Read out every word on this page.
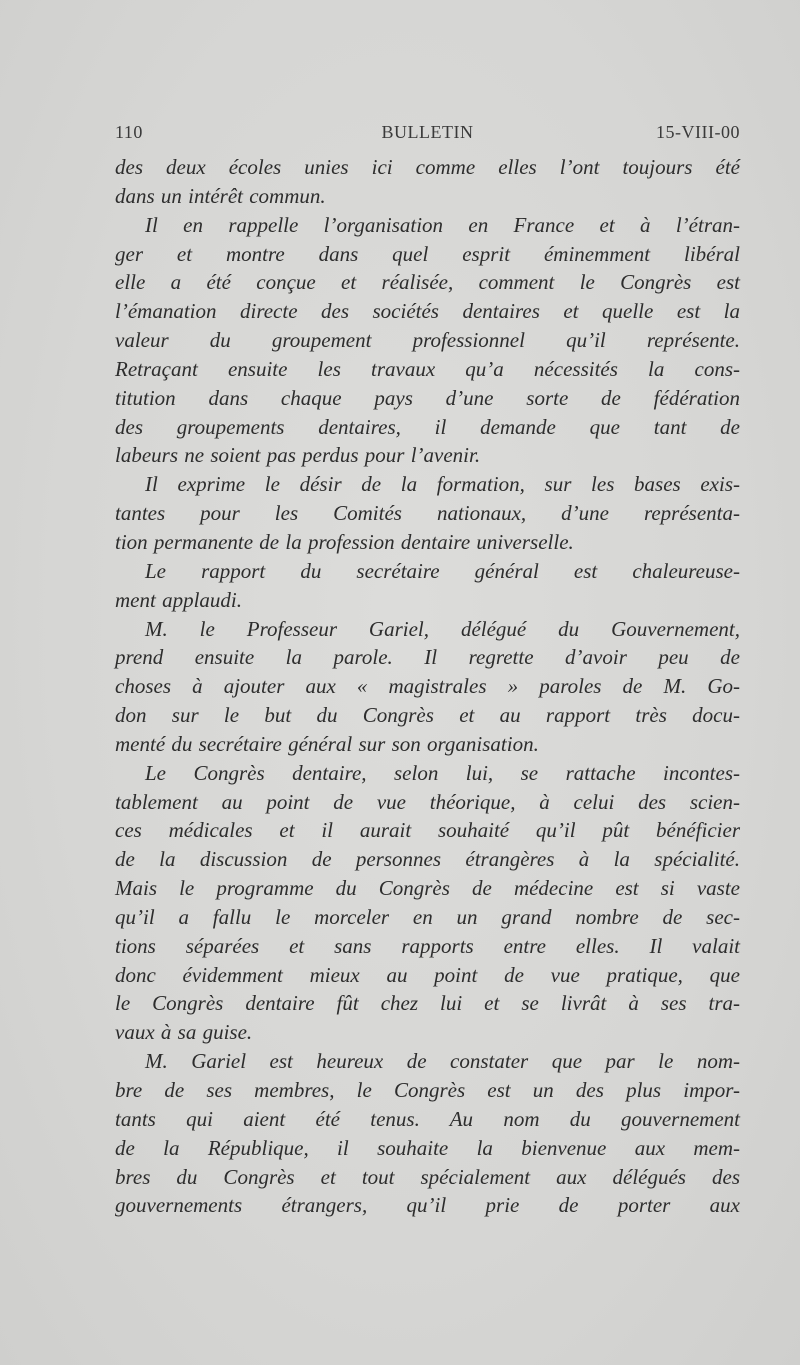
110	BULLETIN	15-VIII-00
des deux écoles unies ici comme elles l’ont toujours été
dans un intérêt commun.
Il en rappelle l’organisation en France et à l’étran-
ger et montre dans quel esprit éminemment libéral
elle a été conçue et réalisée, comment le Congrès est
l’émanation directe des sociétés dentaires et quelle est la
valeur du groupement professionnel qu’il représente.
Retraçant ensuite les travaux qu’a nécessités la cons-
titution dans chaque pays d’une sorte de fédération
des groupements dentaires, il demande que tant de
labeurs ne soient pas perdus pour l’avenir.
Il exprime le désir de la formation, sur les bases exis-
tantes pour les Comités nationaux, d’une représenta-
tion permanente de la profession dentaire universelle.
Le rapport du secrétaire général est chaleureuse-
ment applaudi.
M. le Professeur Gariel, délégué du Gouvernement,
prend ensuite la parole. Il regrette d’avoir peu de
choses à ajouter aux « magistrales » paroles de M. Go-
don sur le but du Congrès et au rapport très docu-
menté du secrétaire général sur son organisation.
Le Congrès dentaire, selon lui, se rattache incontes-
tablement au point de vue théorique, à celui des scien-
ces médicales et il aurait souhaité qu’il pût bénéficier
de la discussion de personnes étrangères à la spécialité.
Mais le programme du Congrès de médecine est si vaste
qu’il a fallu le morceler en un grand nombre de sec-
tions séparées et sans rapports entre elles. Il valait
donc évidemment mieux au point de vue pratique, que
le Congrès dentaire fût chez lui et se livrât à ses tra-
vaux à sa guise.
M. Gariel est heureux de constater que par le nom-
bre de ses membres, le Congrès est un des plus impor-
tants qui aient été tenus. Au nom du gouvernement
de la République, il souhaite la bienvenue aux mem-
bres du Congrès et tout spécialement aux délégués des
gouvernements étrangers, qu’il prie de porter aux
